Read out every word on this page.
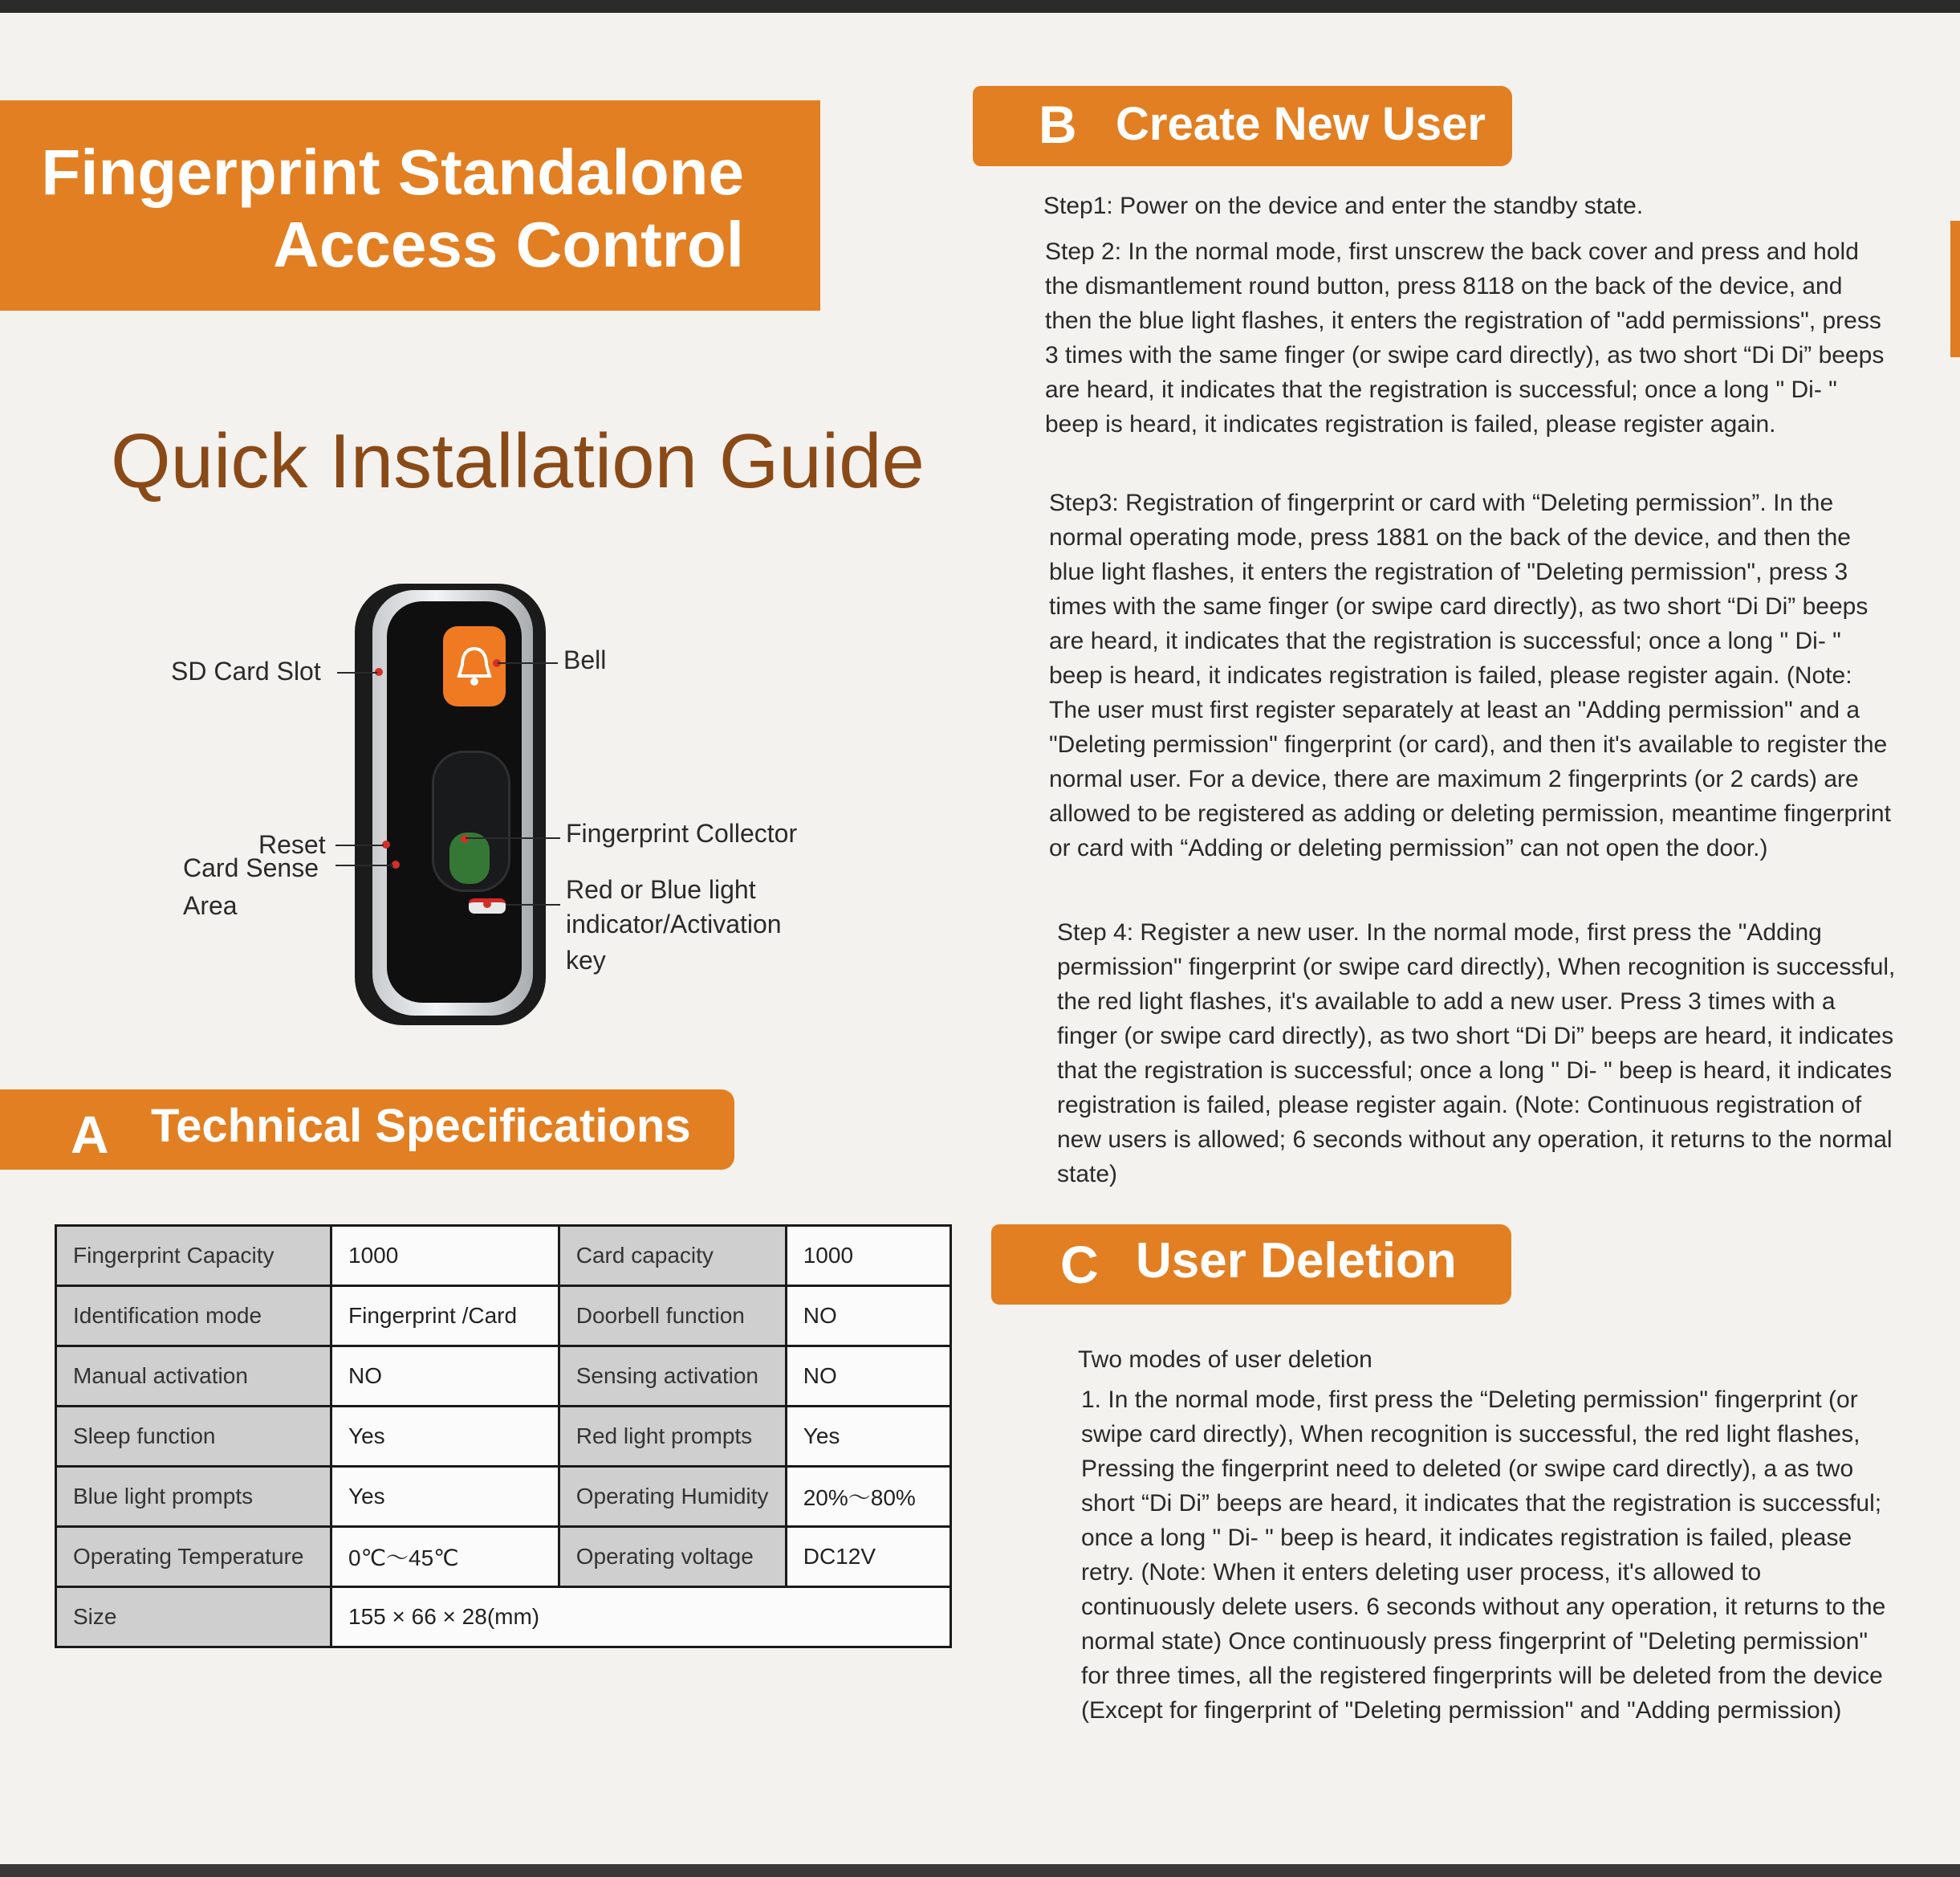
Fingerprint Standalone
Access Control
Quick Installation Guide
SD Card Slot	Bell
Reset
Card Sense
Area
Fingerprint Collector
Red or Blue light
indicator/Activation
key
A Technical Specifications
Fingerprint Capacity	1000	Card capacity	1000
Identification mode	Fingerprint /Card	Doorbell function	NO
Manual activation	NO	Sensing activation	NO
Sleep function	Yes	Red light prompts	Yes
Blue light prompts	Yes	Operating Humidity	20%～80%
Operating Temperature	0℃～45℃	Operating voltage	DC12V
Size	155 × 66 × 28(mm)		
B Create New User
Step1: Power on the device and enter the standby state.
Step 2: In the normal mode, first unscrew the back cover and press and hold the dismantlement round button, press 8118 on the back of the device, and then the blue light flashes, it enters the registration of "add permissions", press 3 times with the same finger (or swipe card directly), as two short “Di Di” beeps are heard, it indicates that the registration is successful; once a long " Di- " beep is heard, it indicates registration is failed, please register again.
Step3: Registration of fingerprint or card with “Deleting permission”. In the normal operating mode, press 1881 on the back of the device, and then the blue light flashes, it enters the registration of "Deleting permission", press 3 times with the same finger (or swipe card directly), as two short “Di Di” beeps are heard, it indicates that the registration is successful; once a long " Di- " beep is heard, it indicates registration is failed, please register again. (Note: The user must first register separately at least an "Adding permission" and a "Deleting permission" fingerprint (or card), and then it's available to register the normal user. For a device, there are maximum 2 fingerprints (or 2 cards) are allowed to be registered as adding or deleting permission, meantime fingerprint or card with “Adding or deleting permission” can not open the door.)
Step 4: Register a new user. In the normal mode, first press the "Adding permission" fingerprint (or swipe card directly), When recognition is successful, the red light flashes, it's available to add a new user. Press 3 times with a finger (or swipe card directly), as two short “Di Di” beeps are heard, it indicates that the registration is successful; once a long " Di- " beep is heard, it indicates registration is failed, please register again. (Note: Continuous registration of new users is allowed; 6 seconds without any operation, it returns to the normal state)
C User Deletion
Two modes of user deletion
1. In the normal mode, first press the “Deleting permission" fingerprint (or swipe card directly), When recognition is successful, the red light flashes, Pressing the fingerprint need to deleted (or swipe card directly), a as two short “Di Di” beeps are heard, it indicates that the registration is successful; once a long " Di- " beep is heard, it indicates registration is failed, please retry. (Note: When it enters deleting user process, it's allowed to continuously delete users. 6 seconds without any operation, it returns to the normal state) Once continuously press fingerprint of "Deleting permission" for three times, all the registered fingerprints will be deleted from the device (Except for fingerprint of "Deleting permission" and "Adding permission)
